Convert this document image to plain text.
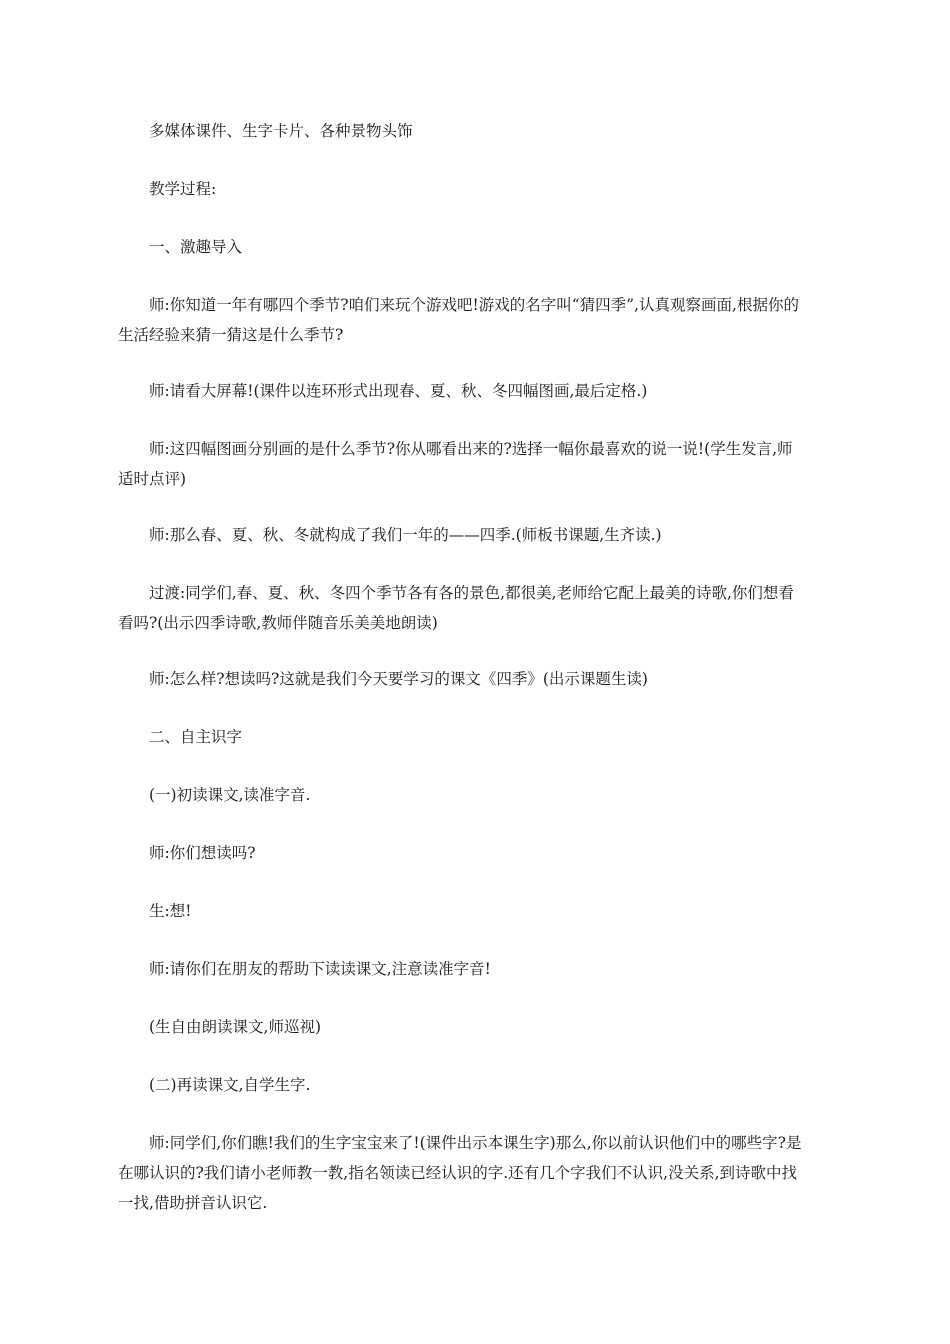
多媒体课件、生字卡片、各种景物头饰

教学过程:

一、激趣导入

师:你知道一年有哪四个季节?咱们来玩个游戏吧!游戏的名字叫“猜四季”,认真观察画面,根据你的生活经验来猜一猜这是什么季节?

师:请看大屏幕!(课件以连环形式出现春、夏、秋、冬四幅图画,最后定格.)

师:这四幅图画分别画的是什么季节?你从哪看出来的?选择一幅你最喜欢的说一说!(学生发言,师适时点评)

师:那么春、夏、秋、冬就构成了我们一年的——四季.(师板书课题,生齐读.)

过渡:同学们,春、夏、秋、冬四个季节各有各的景色,都很美,老师给它配上最美的诗歌,你们想看看吗?(出示四季诗歌,教师伴随音乐美美地朗读)

师:怎么样?想读吗?这就是我们今天要学习的课文《四季》(出示课题生读)

二、自主识字

(一)初读课文,读准字音.

师:你们想读吗?

生:想!

师:请你们在朋友的帮助下读读课文,注意读准字音!

(生自由朗读课文,师巡视)

(二)再读课文,自学生字.

师:同学们,你们瞧!我们的生字宝宝来了!(课件出示本课生字)那么,你以前认识他们中的哪些字?是在哪认识的?我们请小老师教一教,指名领读已经认识的字.还有几个字我们不认识,没关系,到诗歌中找一找,借助拼音认识它.
